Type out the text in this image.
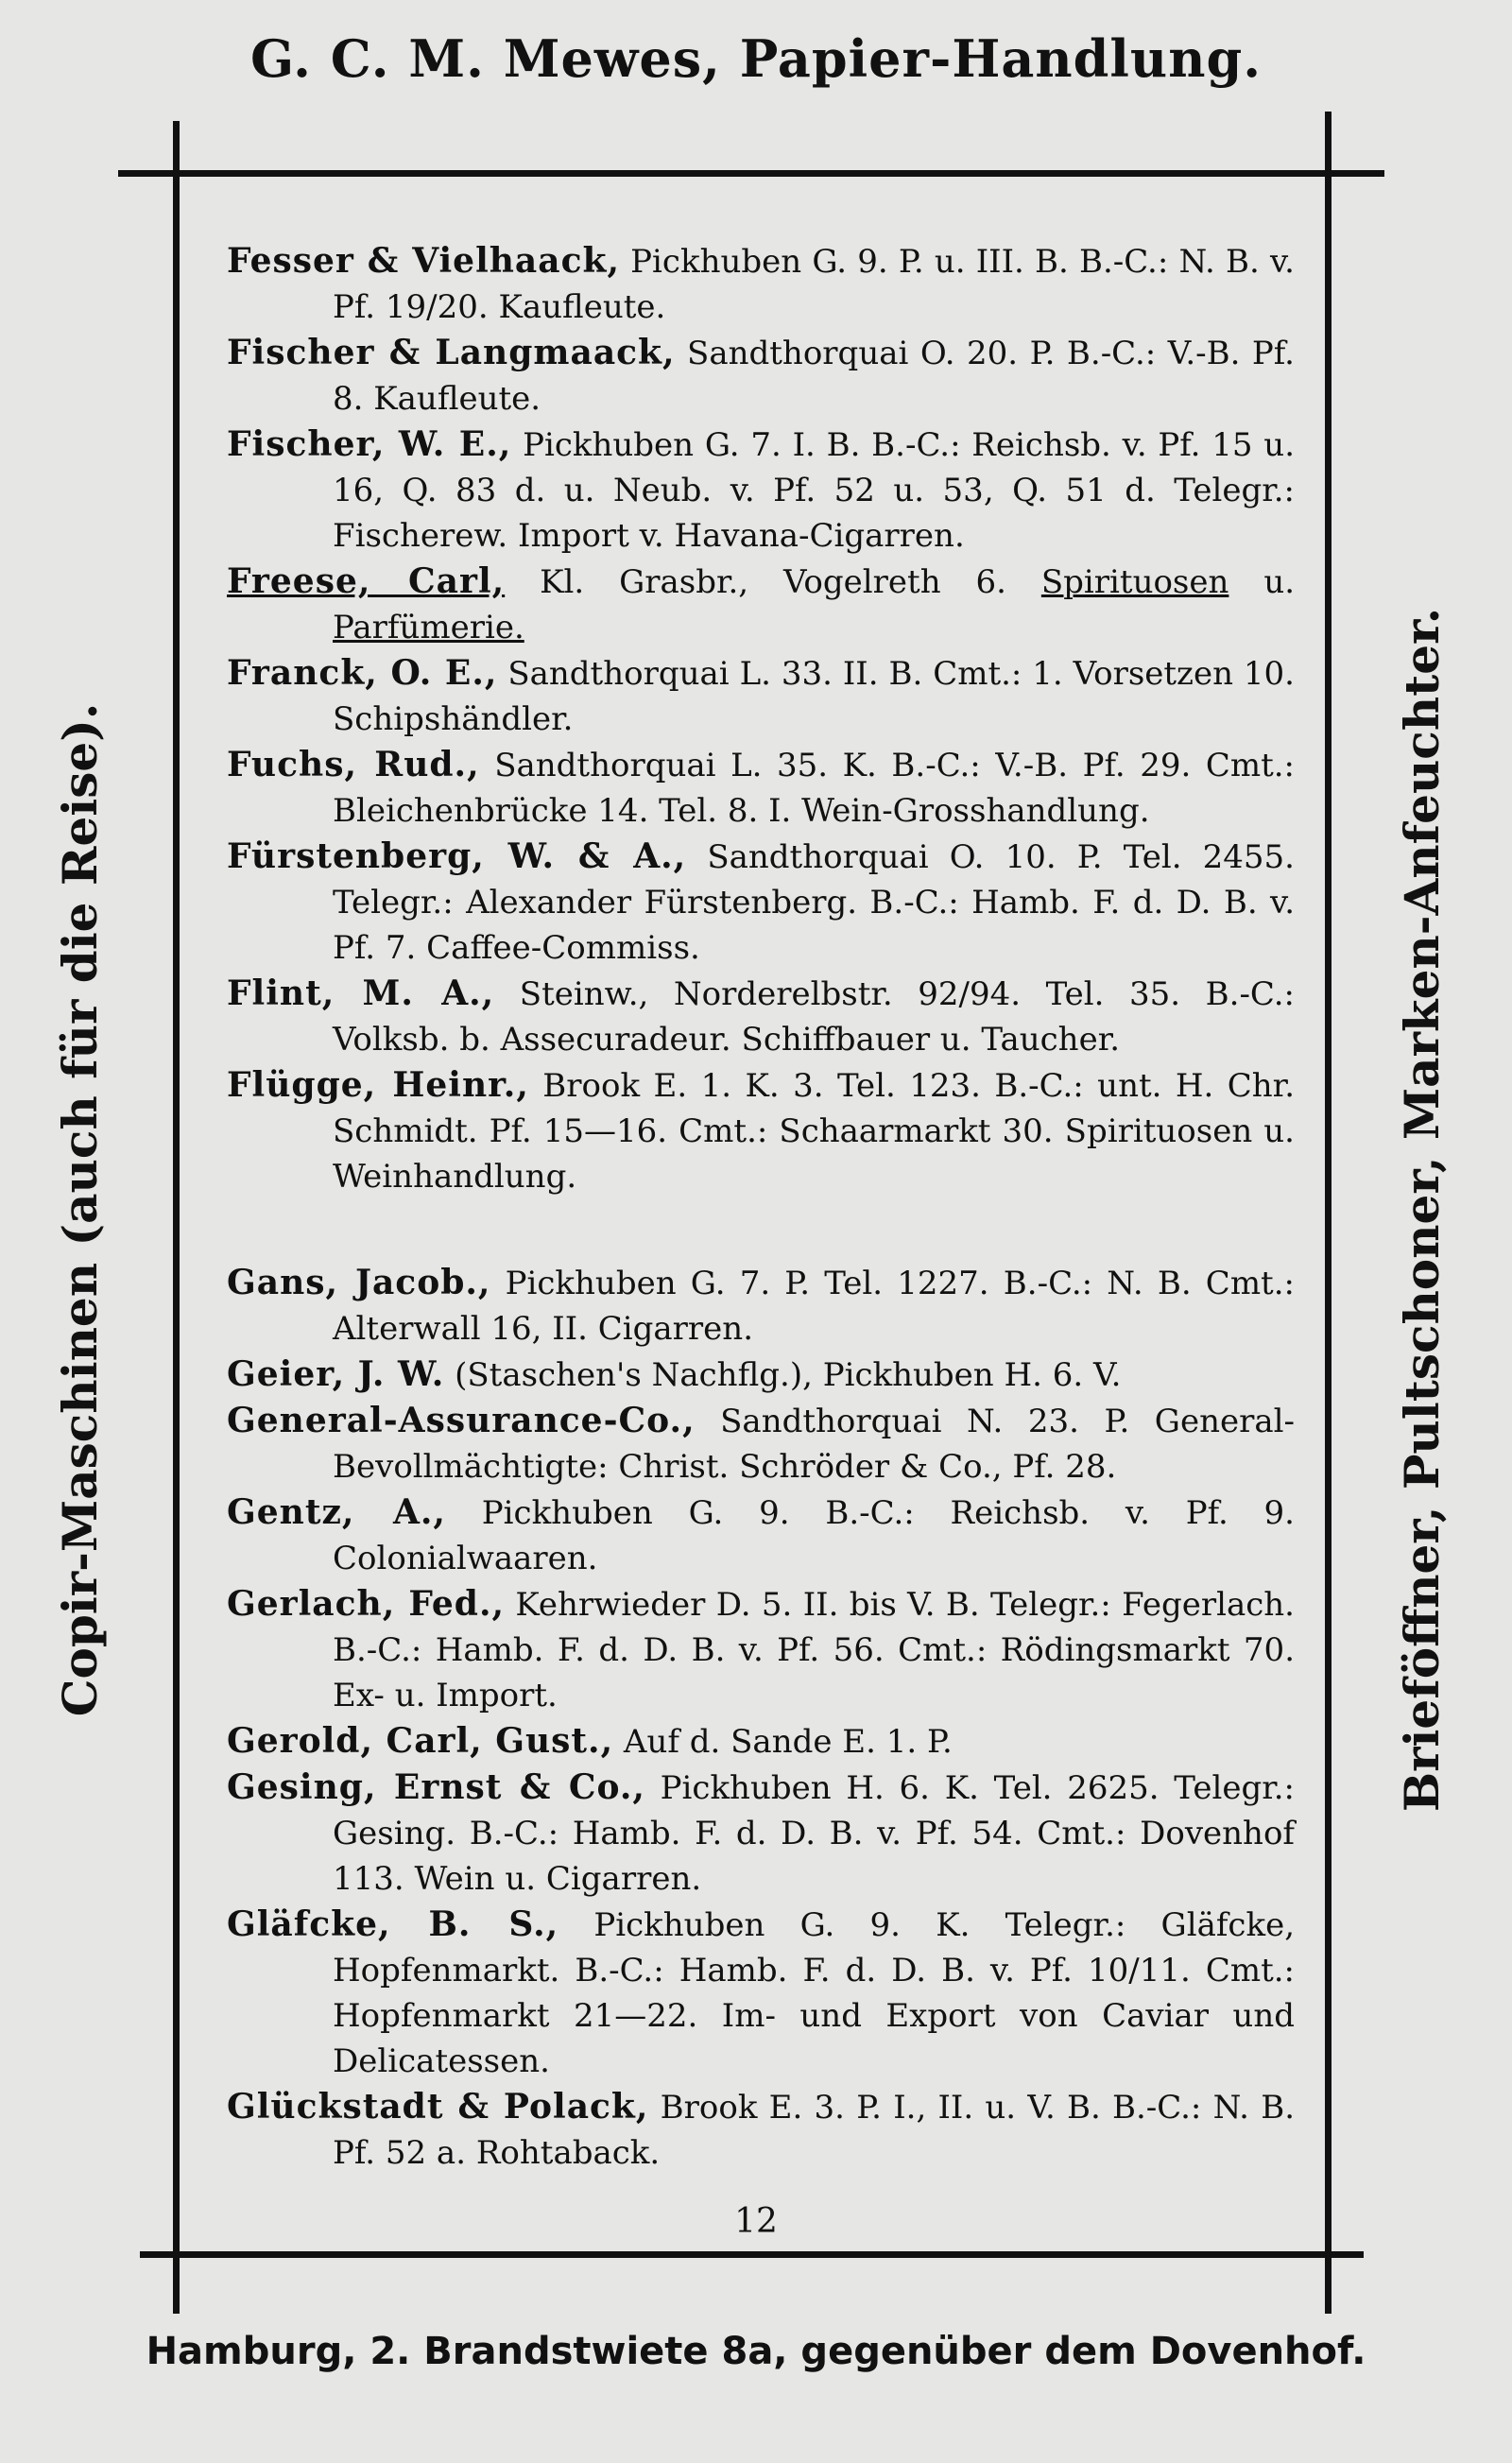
G. C. M. Mewes, Papier-Handlung.
Copir-Maschinen (auch für die Reise).	Brieföffner, Pultschoner, Marken-Anfeuchter.
Fesser & Vielhaack, Pickhuben G. 9. P. u. III. B. B.-C.: N. B. v. Pf. 19/20. Kaufleute.
Fischer & Langmaack, Sandthorquai O. 20. P. B.-C.: V.-B. Pf. 8. Kaufleute.
Fischer, W. E., Pickhuben G. 7. I. B. B.-C.: Reichsb. v. Pf. 15 u. 16, Q. 83 d. u. Neub. v. Pf. 52 u. 53, Q. 51 d. Telegr.: Fischerew. Import v. Havana-Cigarren.
Freese, Carl, Kl. Grasbr., Vogelreth 6. Spirituosen u. Parfümerie.
Franck, O. E., Sandthorquai L. 33. II. B. Cmt.: 1. Vorsetzen 10. Schipshändler.
Fuchs, Rud., Sandthorquai L. 35. K. B.-C.: V.-B. Pf. 29. Cmt.: Bleichenbrücke 14. Tel. 8. I. Wein-Grosshandlung.
Fürstenberg, W. & A., Sandthorquai O. 10. P. Tel. 2455. Telegr.: Alexander Fürstenberg. B.-C.: Hamb. F. d. D. B. v. Pf. 7. Caffee-Commiss.
Flint, M. A., Steinw., Norderelbstr. 92/94. Tel. 35. B.-C.: Volksb. b. Assecuradeur. Schiffbauer u. Taucher.
Flügge, Heinr., Brook E. 1. K. 3. Tel. 123. B.-C.: unt. H. Chr. Schmidt. Pf. 15—16. Cmt.: Schaarmarkt 30. Spirituosen u. Weinhandlung.
Gans, Jacob., Pickhuben G. 7. P. Tel. 1227. B.-C.: N. B. Cmt.: Alterwall 16, II. Cigarren.
Geier, J. W. (Staschen's Nachflg.), Pickhuben H. 6. V.
General-Assurance-Co., Sandthorquai N. 23. P. General-Bevollmächtigte: Christ. Schröder & Co., Pf. 28.
Gentz, A., Pickhuben G. 9. B.-C.: Reichsb. v. Pf. 9. Colonialwaaren.
Gerlach, Fed., Kehrwieder D. 5. II. bis V. B. Telegr.: Fegerlach. B.-C.: Hamb. F. d. D. B. v. Pf. 56. Cmt.: Rödingsmarkt 70. Ex- u. Import.
Gerold, Carl, Gust., Auf d. Sande E. 1. P.
Gesing, Ernst & Co., Pickhuben H. 6. K. Tel. 2625. Telegr.: Gesing. B.-C.: Hamb. F. d. D. B. v. Pf. 54. Cmt.: Dovenhof 113. Wein u. Cigarren.
Gläfcke, B. S., Pickhuben G. 9. K. Telegr.: Gläfcke, Hopfenmarkt. B.-C.: Hamb. F. d. D. B. v. Pf. 10/11. Cmt.: Hopfenmarkt 21—22. Im- und Export von Caviar und Delicatessen.
Glückstadt & Polack, Brook E. 3. P. I., II. u. V. B. B.-C.: N. B. Pf. 52 a. Rohtaback.
12
Hamburg, 2. Brandstwiete 8a, gegenüber dem Dovenhof.
